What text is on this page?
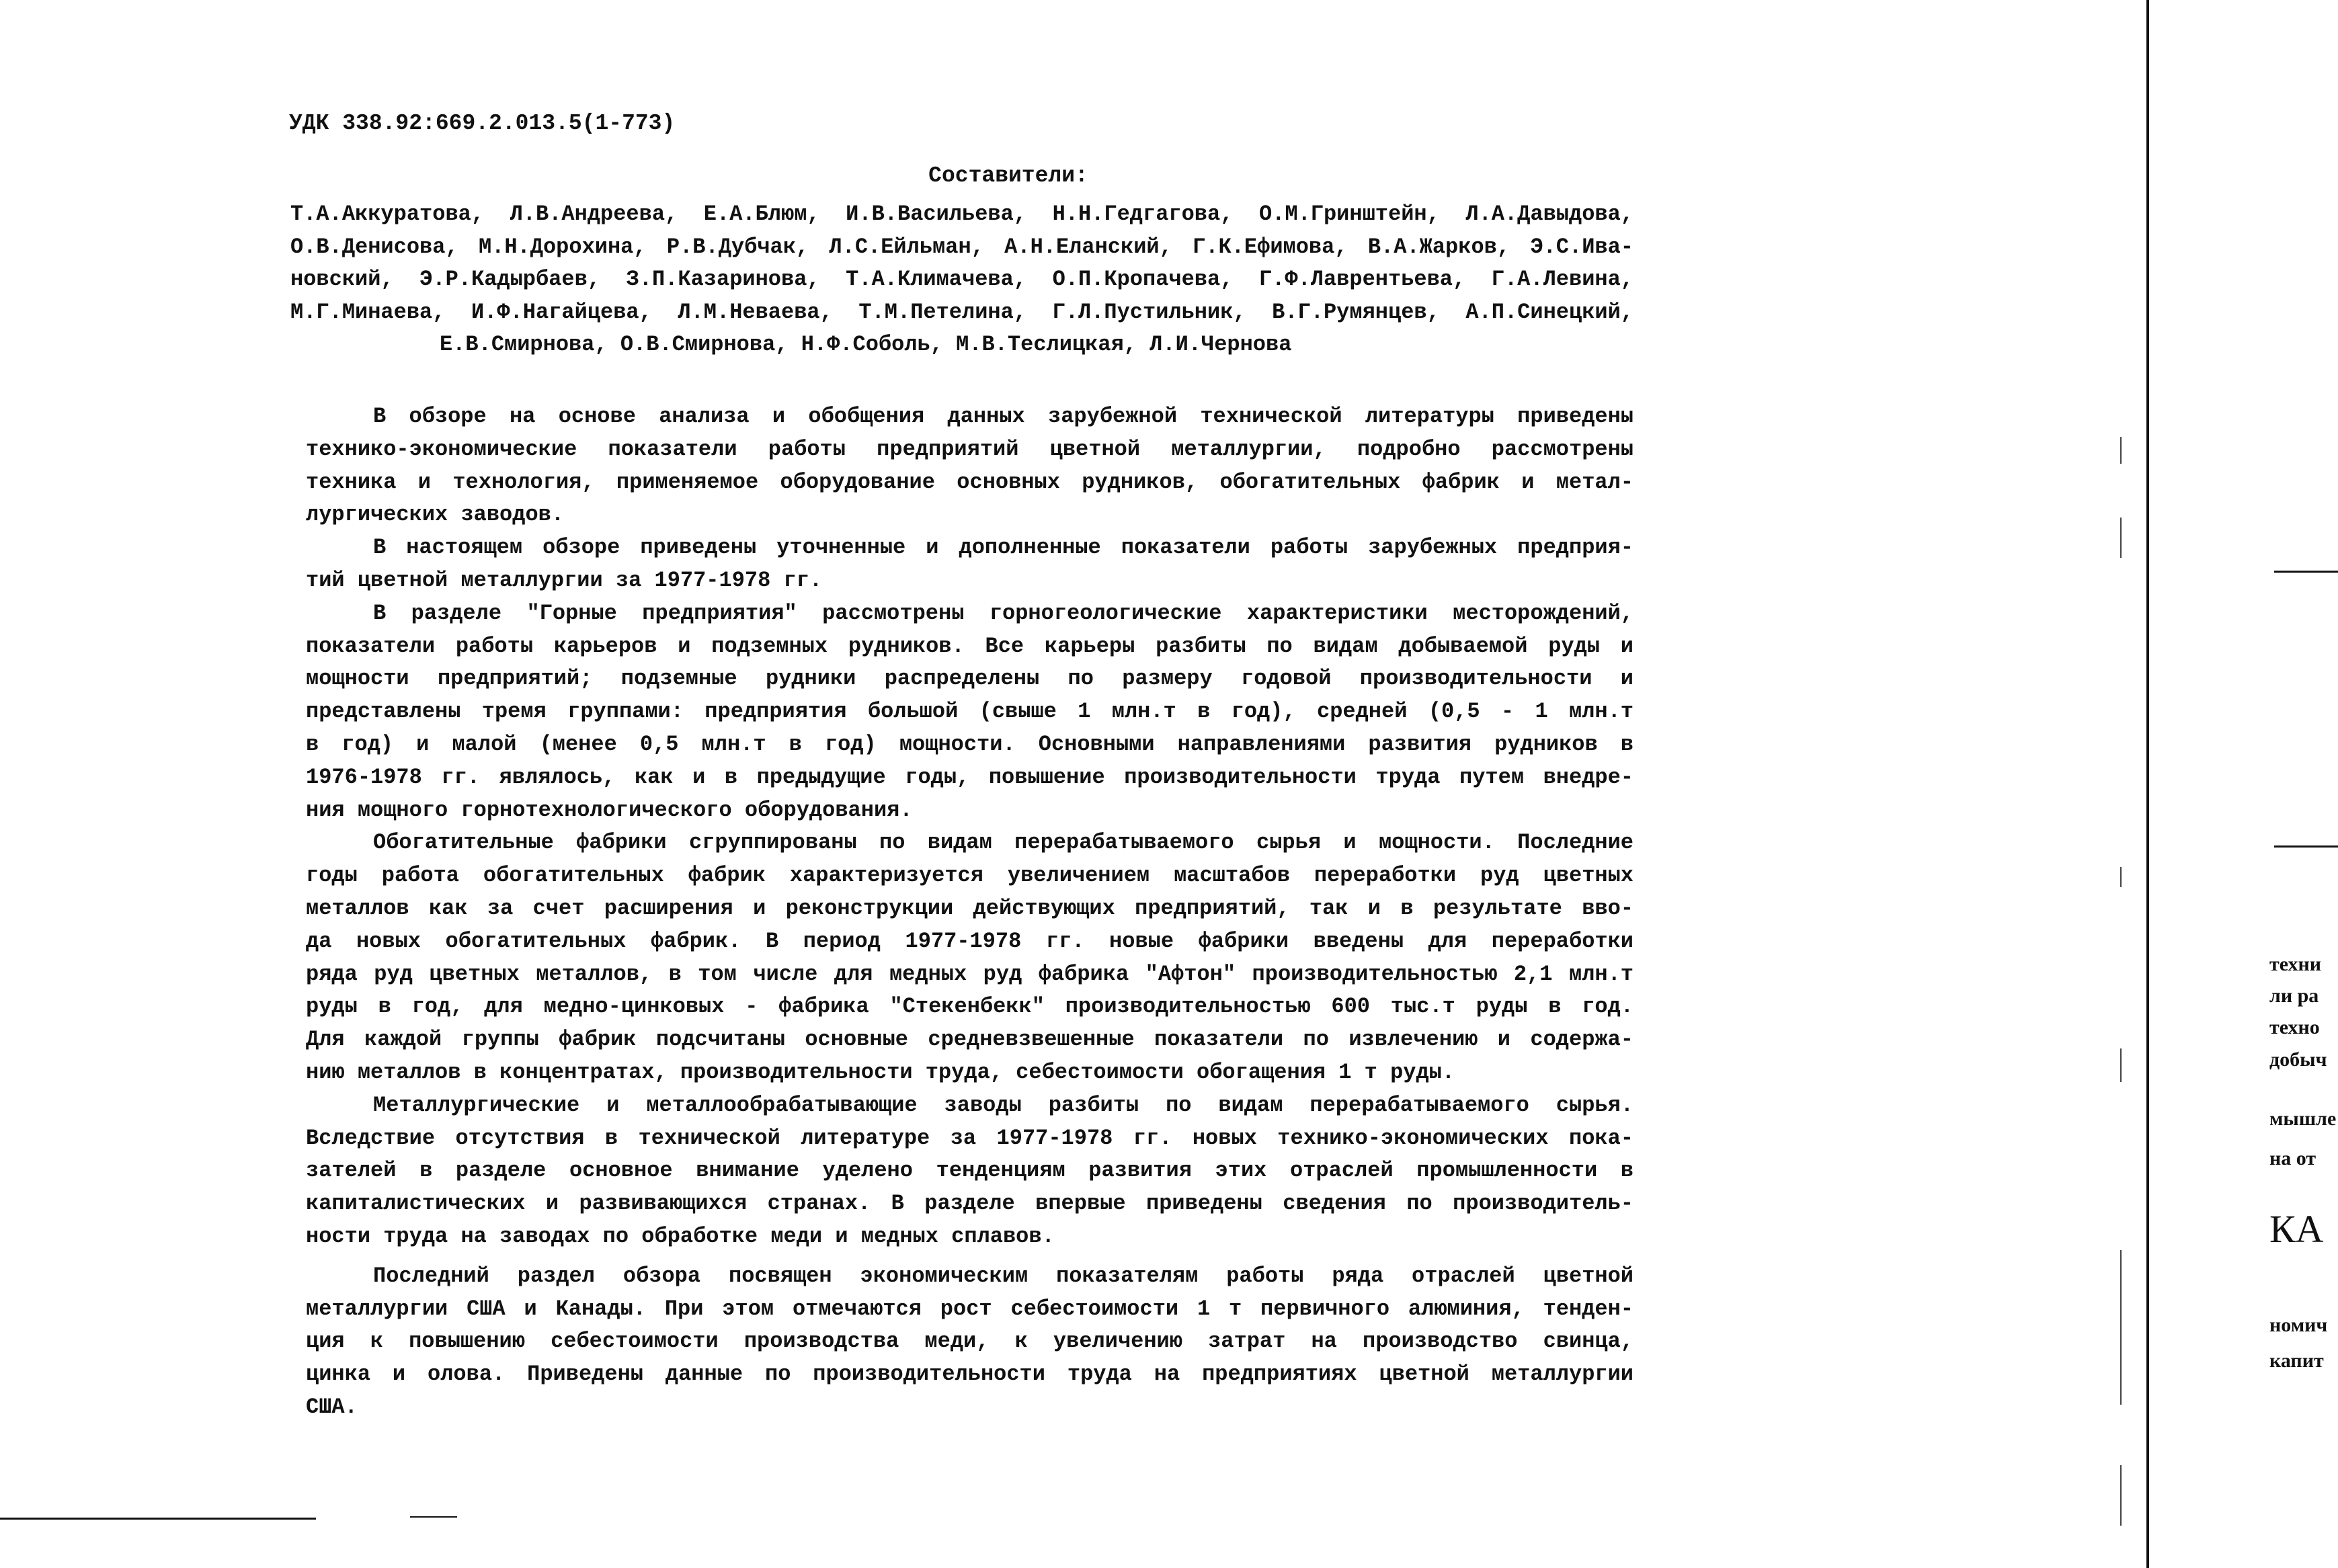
УДК 338.92:669.2.013.5(1-773)
Составители:
Т.А.Аккуратова, Л.В.Андреева, Е.А.Блюм, И.В.Васильева, Н.Н.Гедгагова, О.М.Гринштейн, Л.А.Давыдова,
О.В.Денисова, М.Н.Дорохина, Р.В.Дубчак, Л.С.Ейльман, А.Н.Еланский, Г.К.Ефимова, В.А.Жарков, Э.С.Ива-
новский, Э.Р.Кадырбаев, З.П.Казаринова, Т.А.Климачева, О.П.Кропачева, Г.Ф.Лаврентьева, Г.А.Левина,
М.Г.Минаева, И.Ф.Нагайцева, Л.М.Неваева, Т.М.Петелина, Г.Л.Пустильник, В.Г.Румянцев, А.П.Синецкий,
Е.В.Смирнова, О.В.Смирнова, Н.Ф.Соболь, М.В.Теслицкая, Л.И.Чернова
В обзоре на основе анализа и обобщения данных зарубежной технической литературы приведены
технико-экономические показатели работы предприятий цветной металлургии, подробно рассмотрены
техника и технология, применяемое оборудование основных рудников, обогатительных фабрик и метал-
лургических заводов.
В настоящем обзоре приведены уточненные и дополненные показатели работы зарубежных предприя-
тий цветной металлургии за 1977-1978 гг.
В разделе "Горные предприятия" рассмотрены горногеологические характеристики месторождений,
показатели работы карьеров и подземных рудников. Все карьеры разбиты по видам добываемой руды и
мощности предприятий; подземные рудники распределены по размеру годовой производительности и
представлены тремя группами: предприятия большой (свыше 1 млн.т в год), средней (0,5 - 1 млн.т
в год) и малой (менее 0,5 млн.т в год) мощности. Основными направлениями развития рудников в
1976-1978 гг. являлось, как и в предыдущие годы, повышение производительности труда путем внедре-
ния мощного горнотехнологического оборудования.
Обогатительные фабрики сгруппированы по видам перерабатываемого сырья и мощности. Последние
годы работа обогатительных фабрик характеризуется увеличением масштабов переработки руд цветных
металлов как за счет расширения и реконструкции действующих предприятий, так и в результате вво-
да новых обогатительных фабрик. В период 1977-1978 гг. новые фабрики введены для переработки
ряда руд цветных металлов, в том числе для медных руд фабрика "Афтон" производительностью 2,1 млн.т
руды в год, для медно-цинковых - фабрика "Стекенбекк" производительностью 600 тыс.т руды в год.
Для каждой группы фабрик подсчитаны основные средневзвешенные показатели по извлечению и содержа-
нию металлов в концентратах, производительности труда, себестоимости обогащения 1 т руды.
Металлургические и металлообрабатывающие заводы разбиты по видам перерабатываемого сырья.
Вследствие отсутствия в технической литературе за 1977-1978 гг. новых технико-экономических пока-
зателей в разделе основное внимание уделено тенденциям развития этих отраслей промышленности в
капиталистических и развивающихся странах. В разделе впервые приведены сведения по производитель-
ности труда на заводах по обработке меди и медных сплавов.
Последний раздел обзора посвящен экономическим показателям работы ряда отраслей цветной
металлургии США и Канады. При этом отмечаются рост себестоимости 1 т первичного алюминия, тенден-
ция к повышению себестоимости производства меди, к увеличению затрат на производство свинца,
цинка и олова. Приведены данные по производительности труда на предприятиях цветной металлургии
США.
техни
ли ра
техно
добыч
мышле
на от
КА
номич
капит
